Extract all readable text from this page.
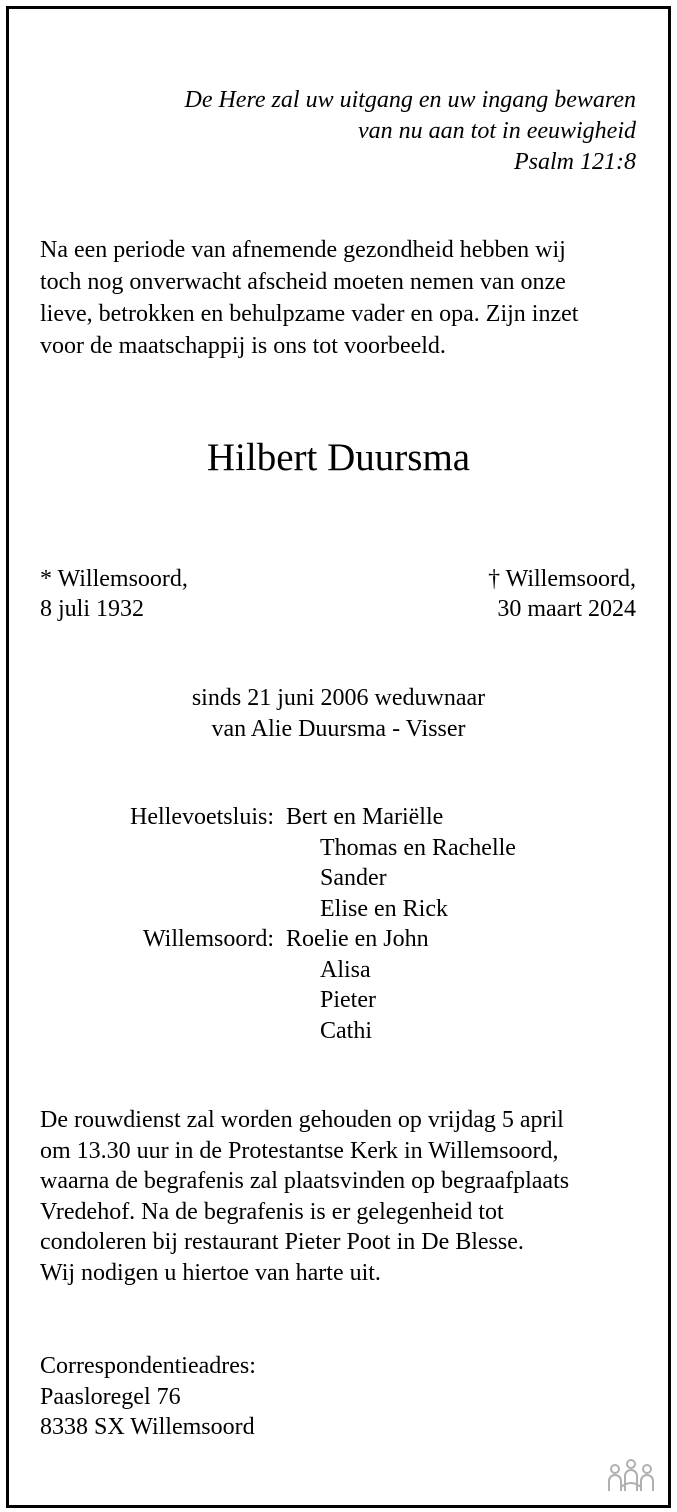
De Here zal uw uitgang en uw ingang bewaren
van nu aan tot in eeuwigheid
Psalm 121:8
Na een periode van afnemende gezondheid hebben wij
toch nog onverwacht afscheid moeten nemen van onze
lieve, betrokken en behulpzame vader en opa. Zijn inzet
voor de maatschappij is ons tot voorbeeld.
Hilbert Duursma
* Willemsoord,
8 juli 1932
† Willemsoord,
30 maart 2024
sinds 21 juni 2006 weduwnaar
van Alie Duursma - Visser
Hellevoetsluis: Bert en Mariëlle
Thomas en Rachelle
Sander
Elise en Rick
Willemsoord: Roelie en John
Alisa
Pieter
Cathi
De rouwdienst zal worden gehouden op vrijdag 5 april
om 13.30 uur in de Protestantse Kerk in Willemsoord,
waarna de begrafenis zal plaatsvinden op begraafplaats
Vredehof. Na de begrafenis is er gelegenheid tot
condoleren bij restaurant Pieter Poot in De Blesse.
Wij nodigen u hiertoe van harte uit.
Correspondentieadres:
Paasloregel 76
8338 SX Willemsoord
